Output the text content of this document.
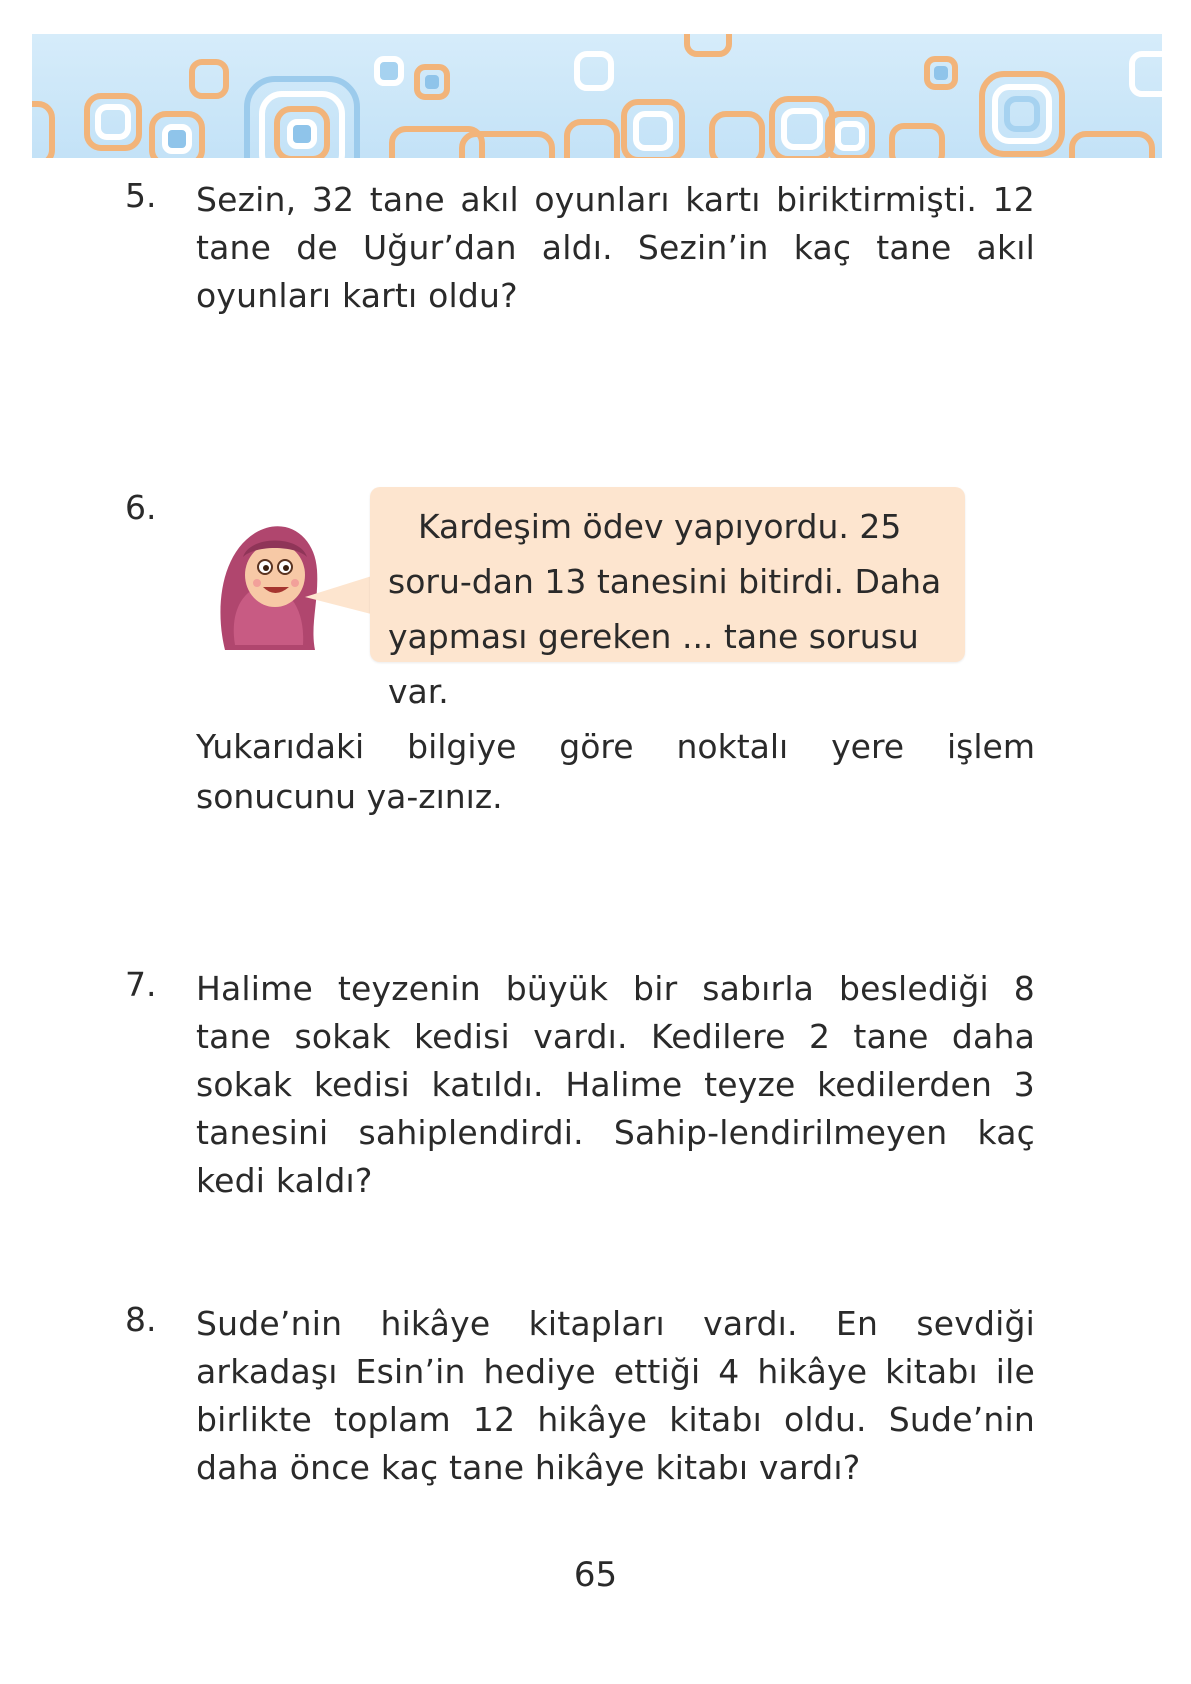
5. Sezin, 32 tane akıl oyunları kartı biriktirmişti. 12 tane de Uğur’dan aldı. Sezin’in kaç tane akıl oyunları kartı oldu?
6.	Kardeşim ödev yapıyordu. 25 soru-dan 13 tanesini bitirdi. Daha yapması gereken ... tane sorusu var.
Yukarıdaki bilgiye göre noktalı yere işlem sonucunu ya-zınız.
7. Halime teyzenin büyük bir sabırla beslediği 8 tane sokak kedisi vardı. Kedilere 2 tane daha sokak kedisi katıldı. Halime teyze kedilerden 3 tanesini sahiplendirdi. Sahip-lendirilmeyen kaç kedi kaldı?
8. Sude’nin hikâye kitapları vardı. En sevdiği arkadaşı Esin’in hediye ettiği 4 hikâye kitabı ile birlikte toplam 12 hikâye kitabı oldu. Sude’nin daha önce kaç tane hikâye kitabı vardı?
65
